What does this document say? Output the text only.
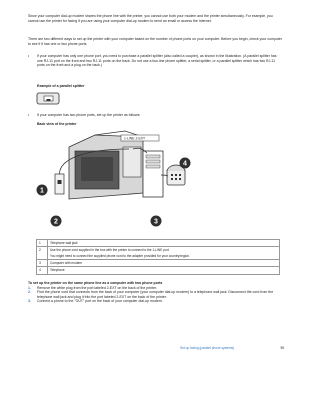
Since your computer dial-up modem shares the phone line with the printer, you cannot use both your modem and the printer simultaneously. For example, you cannot use the printer for faxing if you are using your computer dial-up modem to send an email or access the Internet.

There are two different ways to set up the printer with your computer based on the number of phone ports on your computer. Before you begin, check your computer to see if it has one or two phone ports.

• If your computer has only one phone port, you need to purchase a parallel splitter (also called a coupler), as shown in the illustration. (A parallel splitter has one RJ-11 port on the front and two RJ-11 ports on the back. Do not use a two-line phone splitter, a serial splitter, or a parallel splitter which has two RJ-11 ports on the front and a plug on the back.)
Example of a parallel splitter
• If your computer has two phone ports, set up the printer as follows:
Back view of the printer
1-LINE 2-EXT
1
2	3
4
1	Telephone wall jack
2	Use the phone cord supplied in the box with the printer to connect to the 1-LINE port
You might need to connect the supplied phone cord to the adapter provided for your country/region.

3	Computer with modem
4	Telephone
To set up the printer on the same phone line as a computer with two phone ports
1. Remove the white plug from the port labeled 2-EXT on the back of the printer.
2. Find the phone cord that connects from the back of your computer (your computer dial-up modem) to a telephone wall jack. Disconnect the cord from the telephone wall jack and plug it into the port labeled 2-EXT on the back of the printer.
3. Connect a phone to the "OUT" port on the back of your computer dial-up modem.
Set up faxing (parallel phone systems)	95
